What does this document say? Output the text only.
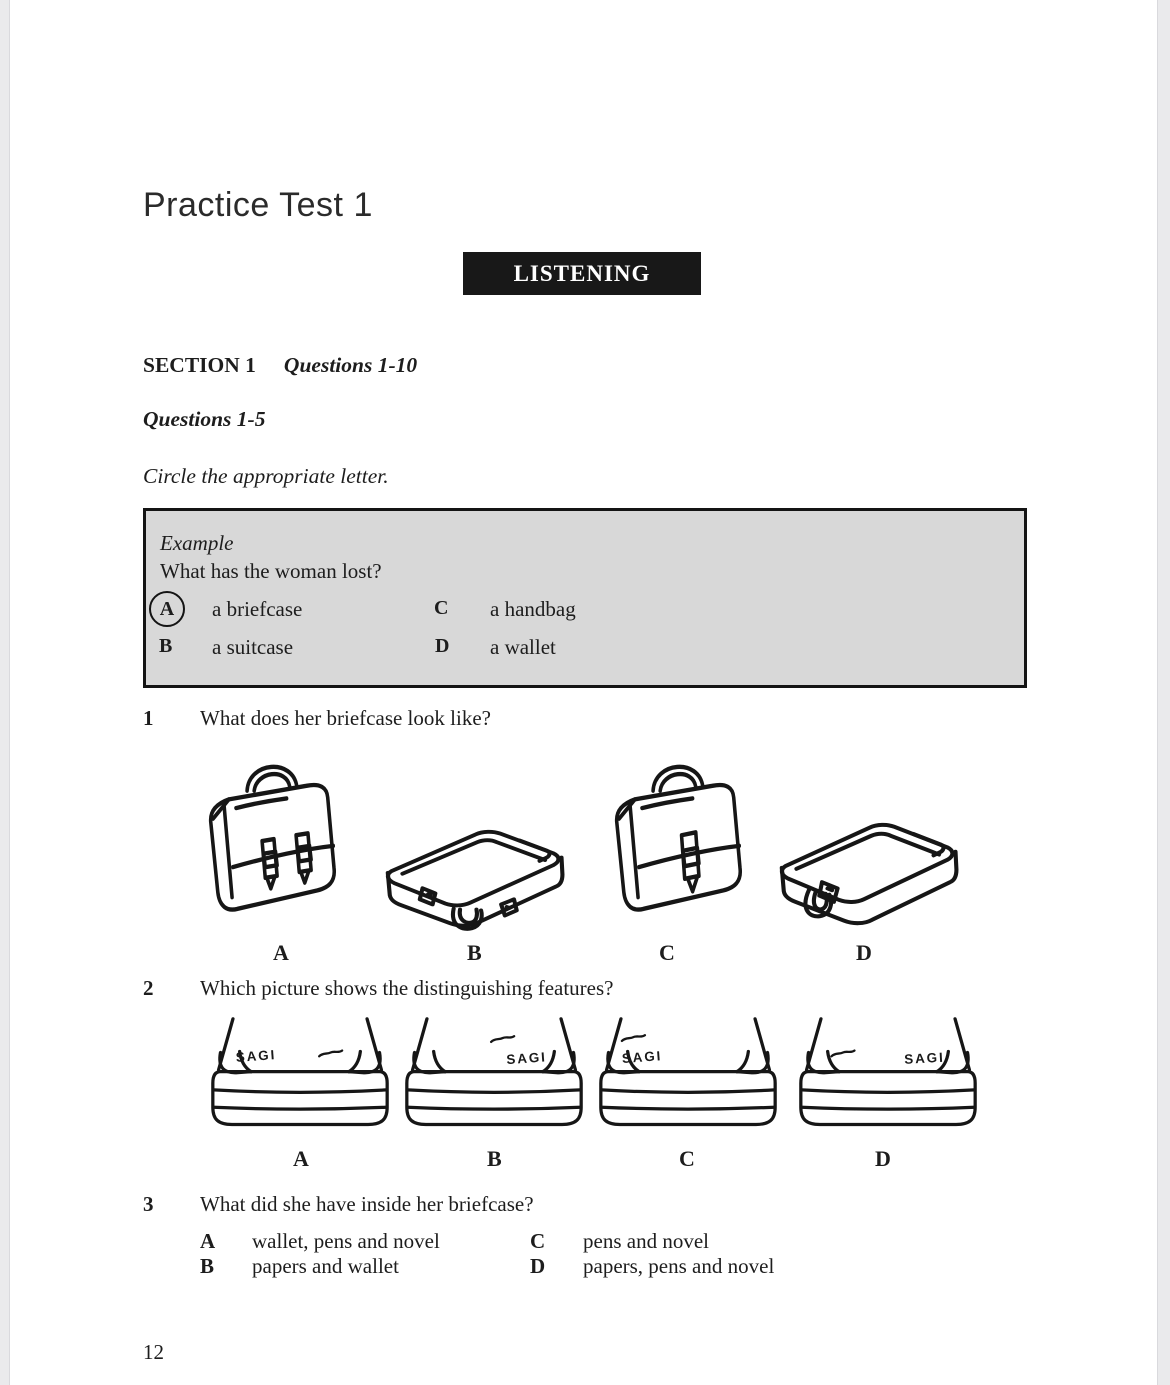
Practice Test 1
LISTENING
SECTION 1 Questions 1-10
Questions 1-5
Circle the appropriate letter.
Example
What has the woman lost?
A	a briefcase	C a handbag
B a suitcase	D a wallet
1 What does her briefcase look like?
A	B	C	D
2 Which picture shows the distinguishing features?
SAGI	SAGI	SAGI	SAGI
A	B	C	D
3 What did she have inside her briefcase?
A wallet, pens and novel	C pens and novel
B papers and wallet	D papers, pens and novel
12
